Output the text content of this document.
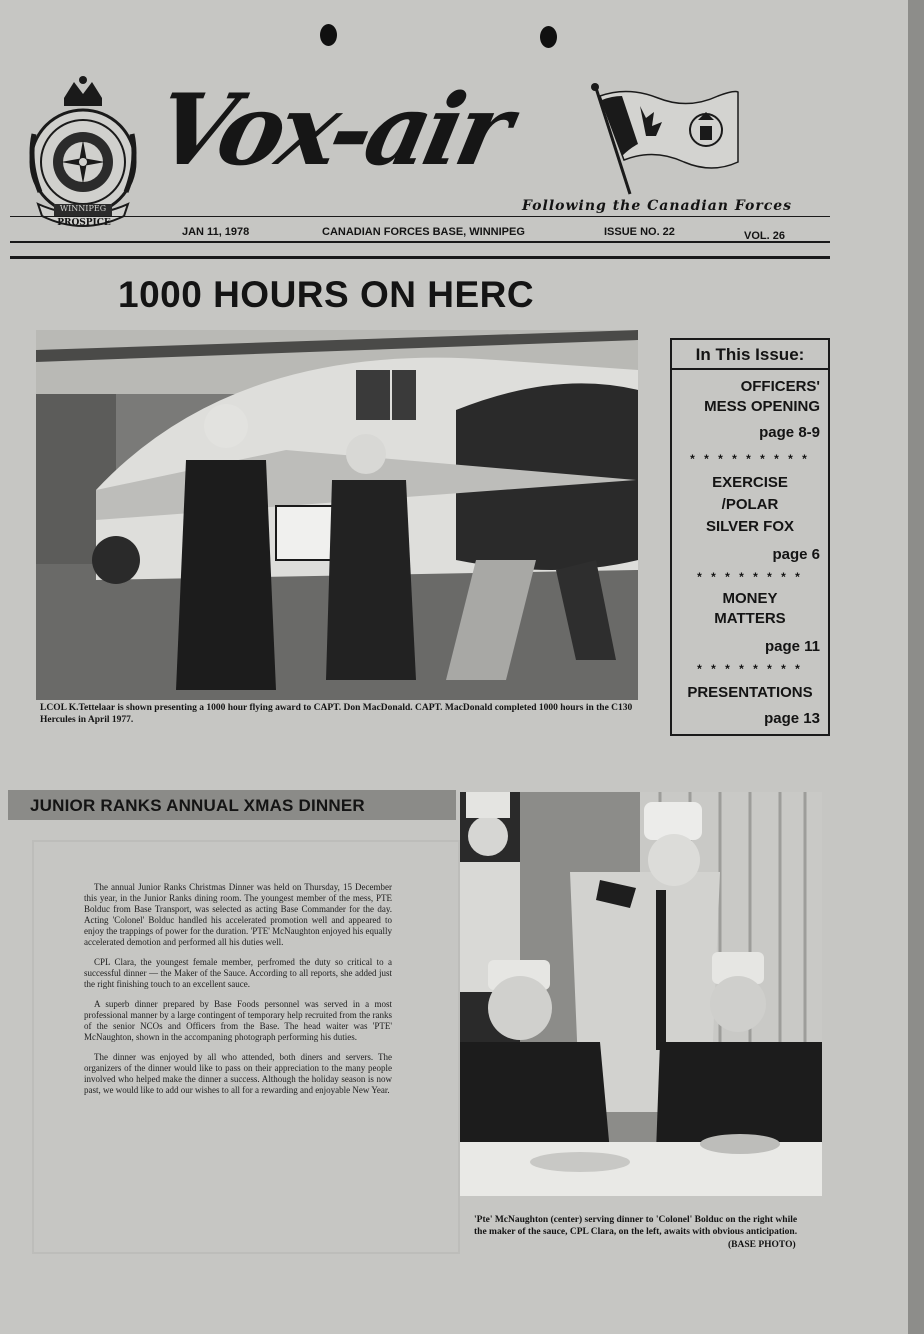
WINNIPEG
PROSPICE
Vox-air
Following the Canadian Forces
JAN 11, 1978	CANADIAN FORCES BASE, WINNIPEG	ISSUE NO. 22	VOL. 26
1000 HOURS ON HERC
LCOL K.Tettelaar is shown presenting a 1000 hour flying award to CAPT. Don MacDonald. CAPT. MacDonald completed 1000 hours in the C130 Hercules in April 1977.
In This Issue:
OFFICERS'
MESS OPENING
page 8-9
* * * * * * * * *
EXERCISE
/POLAR
SILVER FOX
page 6
* * * * * * * *
MONEY
MATTERS
page 11
* * * * * * * *
PRESENTATIONS
page 13
JUNIOR RANKS ANNUAL XMAS DINNER

The annual Junior Ranks Christmas Dinner was held on Thursday, 15 December this year, in the Junior Ranks dining room. The youngest member of the mess, PTE Bolduc from Base Transport, was selected as acting Base Commander for the day. Acting 'Colonel' Bolduc handled his accelerated promotion well and appeared to enjoy the trappings of power for the duration. 'PTE' McNaughton enjoyed his equally accelerated demotion and performed all his duties well.

CPL Clara, the youngest female member, perfromed the duty so critical to a successful dinner — the Maker of the Sauce. According to all reports, she added just the right finishing touch to an excellent sauce.

A superb dinner prepared by Base Foods personnel was served in a most professional manner by a large contingent of temporary help recruited from the ranks of the senior NCOs and Officers from the Base. The head waiter was 'PTE' McNaughton, shown in the accompaning photograph performing his duties.

The dinner was enjoyed by all who attended, both diners and servers. The organizers of the dinner would like to pass on their appreciation to the many people involved who helped make the dinner a success. Although the holiday season is now past, we would like to add our wishes to all for a rewarding and enjoyable New Year.

'Pte' McNaughton (center) serving dinner to 'Colonel' Bolduc on the right while the maker of the sauce, CPL Clara, on the left, awaits with obvious anticipation.
(BASE PHOTO)
